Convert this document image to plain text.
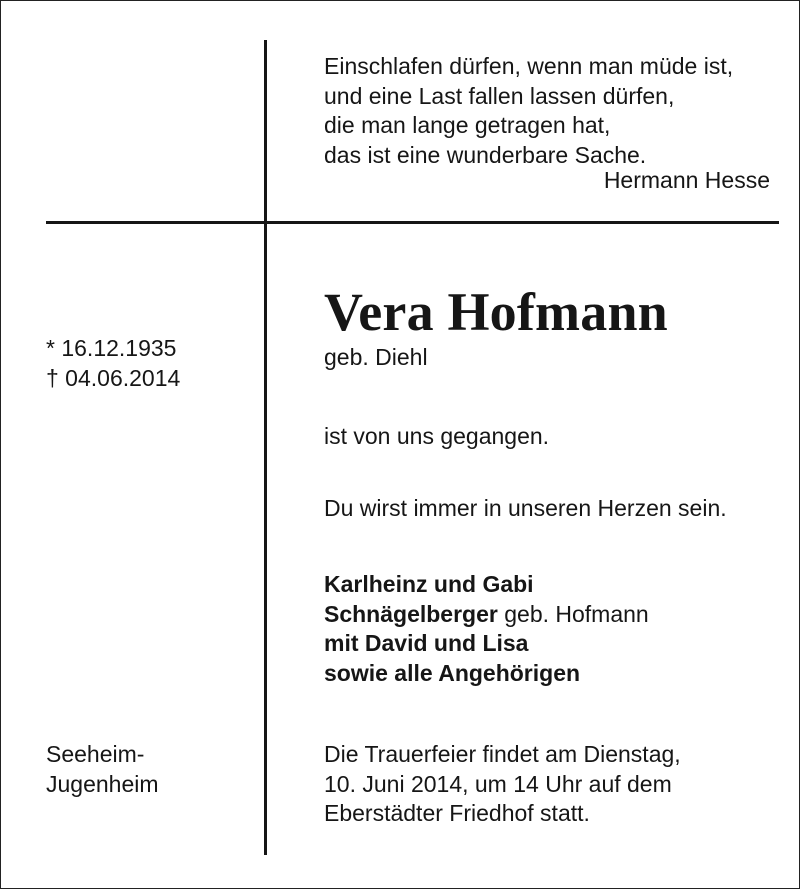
Einschlafen dürfen, wenn man müde ist,
und eine Last fallen lassen dürfen,
die man lange getragen hat,
das ist eine wunderbare Sache.
Hermann Hesse
Vera Hofmann
geb. Diehl
* 16.12.1935
† 04.06.2014
ist von uns gegangen.
Du wirst immer in unseren Herzen sein.
Karlheinz und Gabi
Schnägelberger geb. Hofmann
mit David und Lisa
sowie alle Angehörigen
Seeheim-
Jugenheim
Die Trauerfeier findet am Dienstag,
10. Juni 2014, um 14 Uhr auf dem
Eberstädter Friedhof statt.
